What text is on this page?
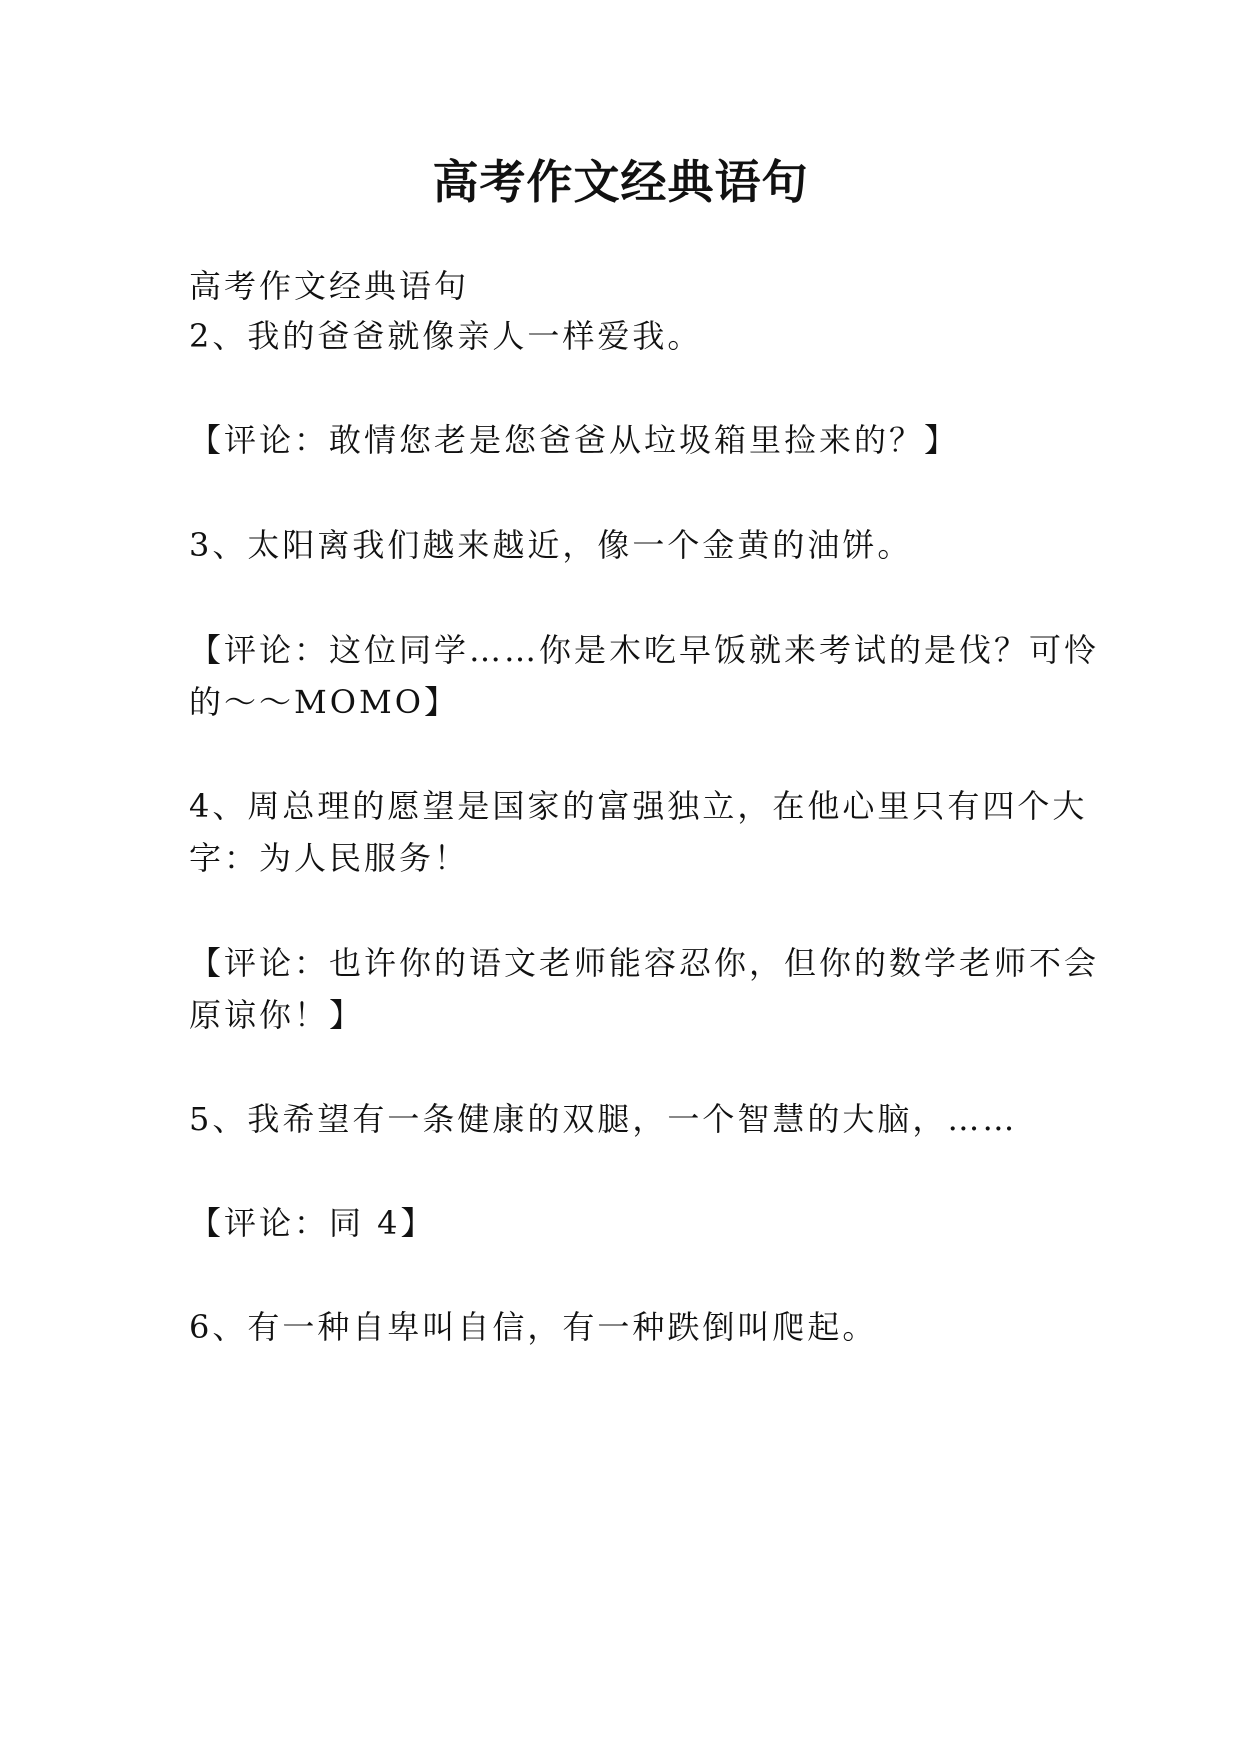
高考作文经典语句
高考作文经典语句
2、我的爸爸就像亲人一样爱我。
【评论：敢情您老是您爸爸从垃圾箱里捡来的？】
3、太阳离我们越来越近，像一个金黄的油饼。
【评论：这位同学……你是木吃早饭就来考试的是伐？可怜
的～～MOMO】
4、周总理的愿望是国家的富强独立，在他心里只有四个大
字：为人民服务！
【评论：也许你的语文老师能容忍你，但你的数学老师不会
原谅你！】
5、我希望有一条健康的双腿，一个智慧的大脑，……
【评论：同 4】
6、有一种自卑叫自信，有一种跌倒叫爬起。
